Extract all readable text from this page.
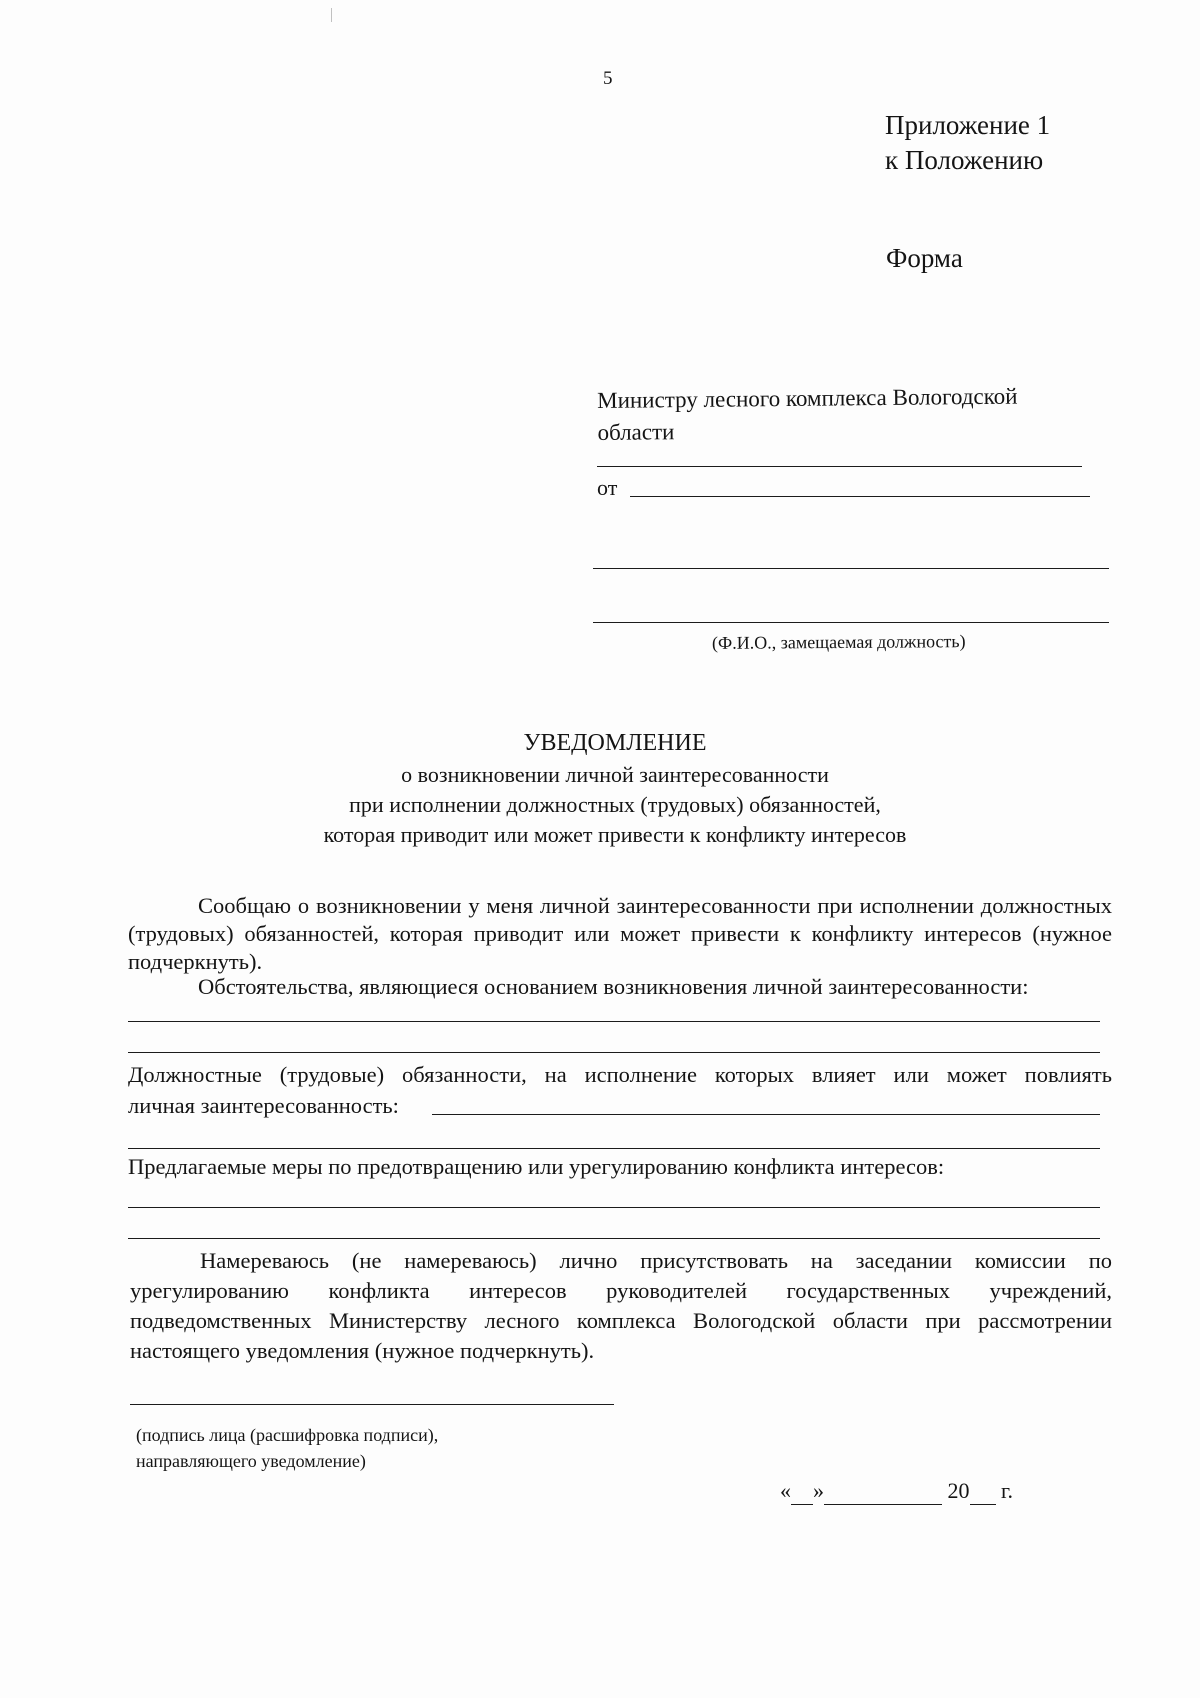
5
Приложение 1
к Положению
Форма
Министру лесного комплекса Вологодской
области
от
(Ф.И.О., замещаемая должность)
УВЕДОМЛЕНИЕ
о возникновении личной заинтересованности
при исполнении должностных (трудовых) обязанностей,
которая приводит или может привести к конфликту интересов
Сообщаю о возникновении у меня личной заинтересованности при исполнении должностных (трудовых) обязанностей, которая приводит или может привести к конфликту интересов (нужное подчеркнуть).
Обстоятельства, являющиеся основанием возникновения личной заинтересованности:
Должностные (трудовые) обязанности, на исполнение которых влияет или может повлиять
личная заинтересованность:
Предлагаемые меры по предотвращению или урегулированию конфликта интересов:
Намереваюсь (не намереваюсь) лично присутствовать на заседании комиссии по урегулированию конфликта интересов руководителей государственных учреждений, подведомственных Министерству лесного комплекса Вологодской области при рассмотрении настоящего уведомления (нужное подчеркнуть).
(подпись лица (расшифровка подписи),
направляющего уведомление)
« »	20 г.
